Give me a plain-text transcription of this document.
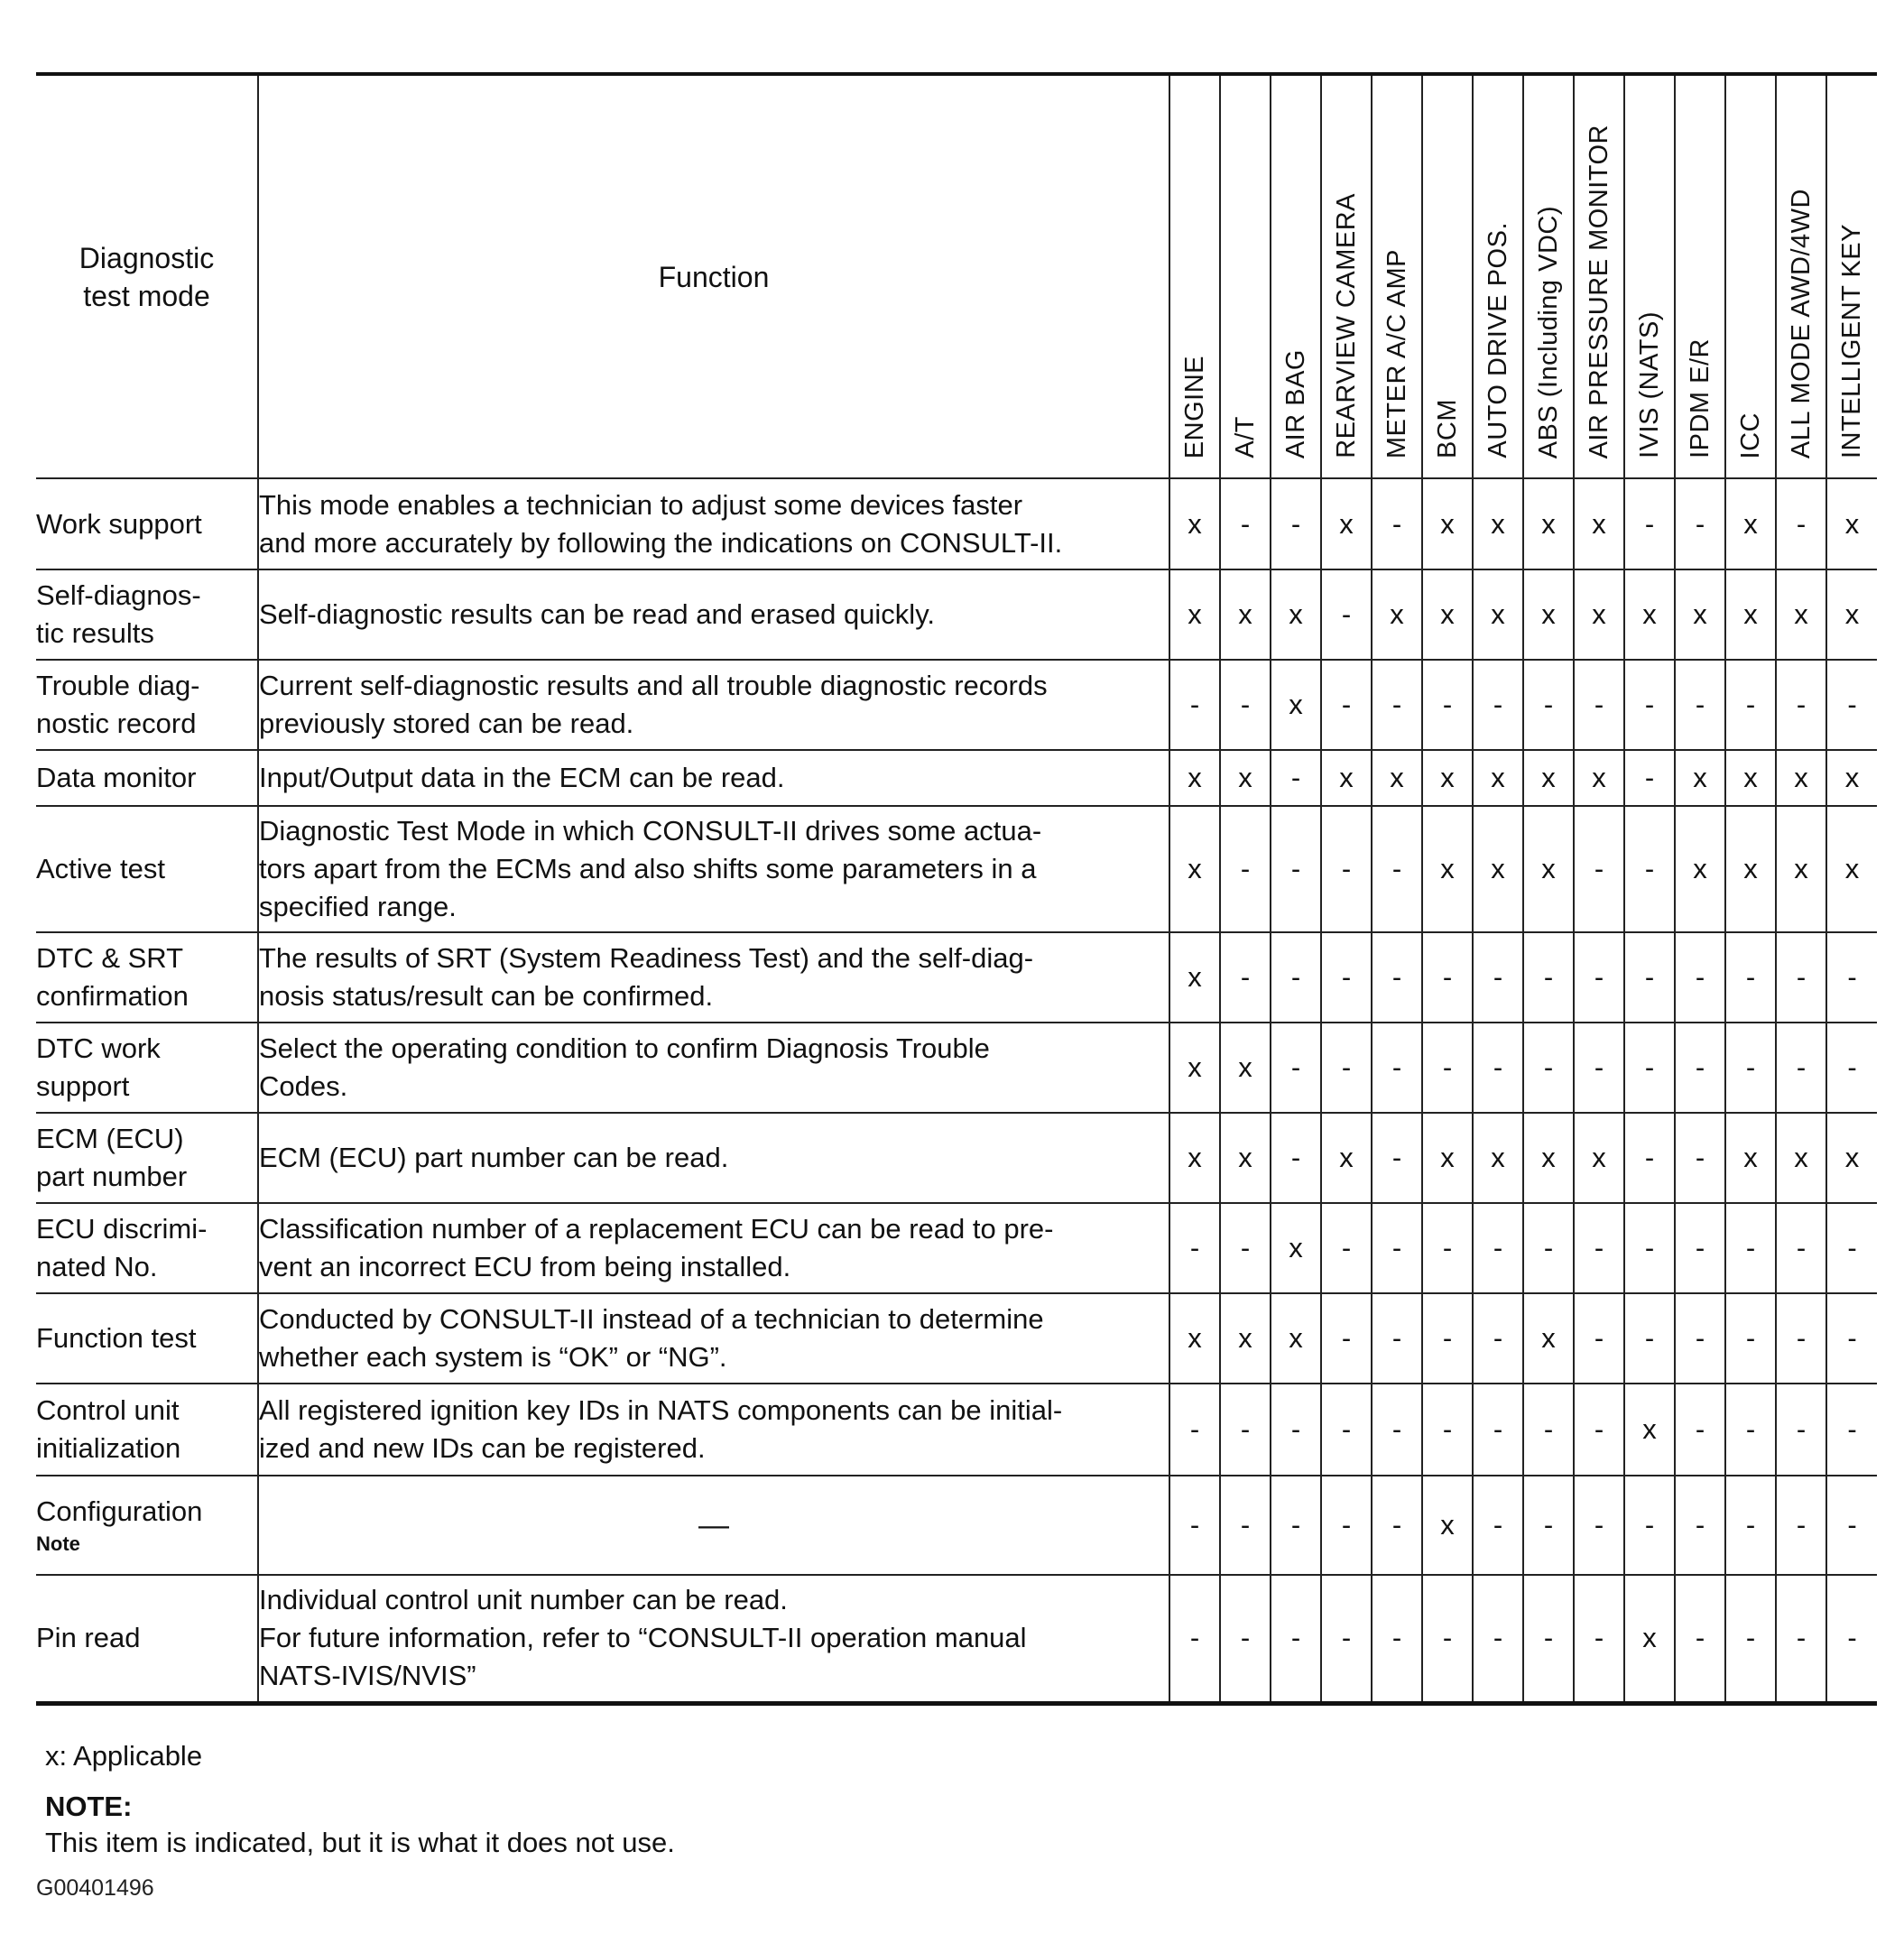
Diagnostic
test mode	Function	ENGINE	A/T	AIR BAG	REARVIEW CAMERA	METER A/C AMP	BCM	AUTO DRIVE POS.	ABS (Including VDC)	AIR PRESSURE MONITOR	IVIS (NATS)	IPDM E/R	ICC	ALL MODE AWD/4WD	INTELLIGENT KEY
Work support	This mode enables a technician to adjust some devices faster
and more accurately by following the indications on CONSULT-II.	x	-	-	x	-	x	x	x	x	-	-	x	-	x
Self-diagnos-
tic results	Self-diagnostic results can be read and erased quickly.	x	x	x	-	x	x	x	x	x	x	x	x	x	x
Trouble diag-
nostic record	Current self-diagnostic results and all trouble diagnostic records
previously stored can be read.	-	-	x	-	-	-	-	-	-	-	-	-	-	-
Data monitor	Input/Output data in the ECM can be read.	x	x	-	x	x	x	x	x	x	-	x	x	x	x
Active test	Diagnostic Test Mode in which CONSULT-II drives some actua-
tors apart from the ECMs and also shifts some parameters in a
specified range.	x	-	-	-	-	x	x	x	-	-	x	x	x	x
DTC & SRT
confirmation	The results of SRT (System Readiness Test) and the self-diag-
nosis status/result can be confirmed.	x	-	-	-	-	-	-	-	-	-	-	-	-	-
DTC work
support	Select the operating condition to confirm Diagnosis Trouble
Codes.	x	x	-	-	-	-	-	-	-	-	-	-	-	-
ECM (ECU)
part number	ECM (ECU) part number can be read.	x	x	-	x	-	x	x	x	x	-	-	x	x	x
ECU discrimi-
nated No.	Classification number of a replacement ECU can be read to pre-
vent an incorrect ECU from being installed.	-	-	x	-	-	-	-	-	-	-	-	-	-	-
Function test	Conducted by CONSULT-II instead of a technician to determine
whether each system is “OK” or “NG”.	x	x	x	-	-	-	-	x	-	-	-	-	-	-
Control unit
initialization	All registered ignition key IDs in NATS components can be initial-
ized and new IDs can be registered.	-	-	-	-	-	-	-	-	-	x	-	-	-	-
Configuration
Note	—	-	-	-	-	-	x	-	-	-	-	-	-	-	-
Pin read	Individual control unit number can be read.
For future information, refer to “CONSULT-II operation manual
NATS-IVIS/NVIS”	-	-	-	-	-	-	-	-	-	x	-	-	-	-
x: Applicable
NOTE:
This item is indicated, but it is what it does not use.
G00401496
